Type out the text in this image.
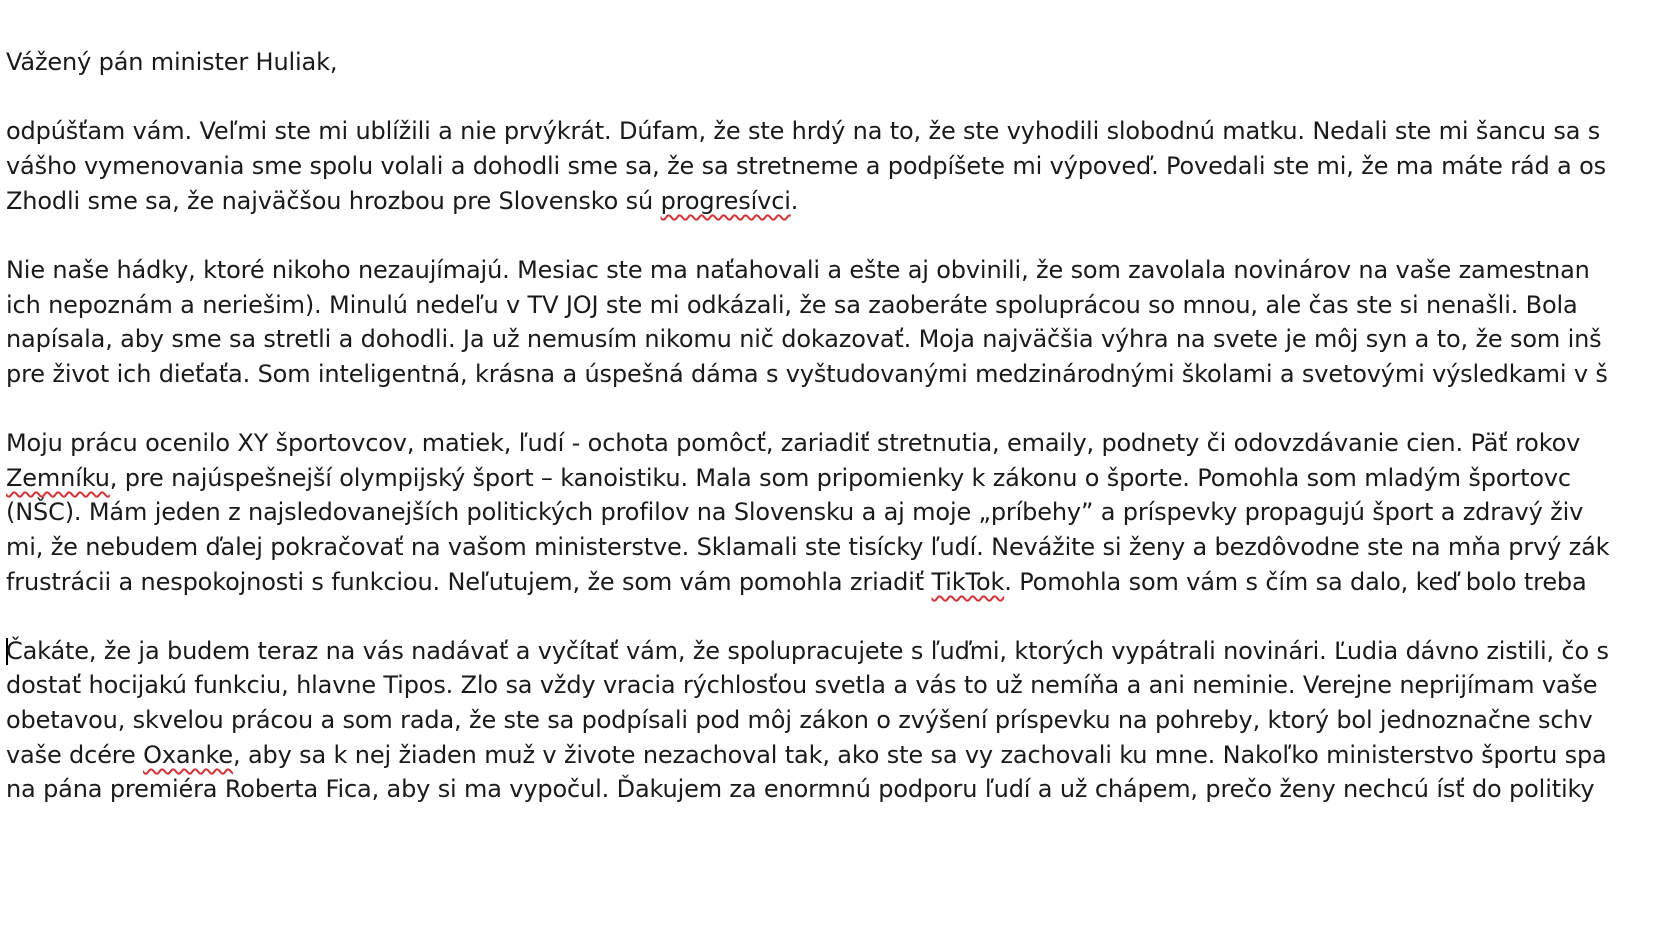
Vážený pán minister Huliak,
odpúšťam vám. Veľmi ste mi ublížili a nie prvýkrát. Dúfam, že ste hrdý na to, že ste vyhodili slobodnú matku. Nedali ste mi šancu sa s
vášho vymenovania sme spolu volali a dohodli sme sa, že sa stretneme a podpíšete mi výpoveď. Povedali ste mi, že ma máte rád a os
Zhodli sme sa, že najväčšou hrozbou pre Slovensko sú progresívci.
Nie naše hádky, ktoré nikoho nezaujímajú. Mesiac ste ma naťahovali a ešte aj obvinili, že som zavolala novinárov na vaše zamestnan
ich nepoznám a neriešim). Minulú nedeľu v TV JOJ ste mi odkázali, že sa zaoberáte spoluprácou so mnou, ale čas ste si nenašli. Bola
napísala, aby sme sa stretli a dohodli. Ja už nemusím nikomu nič dokazovať. Moja najväčšia výhra na svete je môj syn a to, že som inš
pre život ich dieťaťa. Som inteligentná, krásna a úspešná dáma s vyštudovanými medzinárodnými školami a svetovými výsledkami v š
Moju prácu ocenilo XY športovcov, matiek, ľudí - ochota pomôcť, zariadiť stretnutia, emaily, podnety či odovzdávanie cien. Päť rokov
Zemníku, pre najúspešnejší olympijský šport – kanoistiku. Mala som pripomienky k zákonu o športe. Pomohla som mladým športovc
(NŠC). Mám jeden z najsledovanejších politických profilov na Slovensku a aj moje „príbehy” a príspevky propagujú šport a zdravý živ
mi, že nebudem ďalej pokračovať na vašom ministerstve. Sklamali ste tisícky ľudí. Nevážite si ženy a bezdôvodne ste na mňa prvý zák
frustrácii a nespokojnosti s funkciou. Neľutujem, že som vám pomohla zriadiť TikTok. Pomohla som vám s čím sa dalo, keď bolo treba
Čakáte, že ja budem teraz na vás nadávať a vyčítať vám, že spolupracujete s ľuďmi, ktorých vypátrali novinári. Ľudia dávno zistili, čo s
dostať hocijakú funkciu, hlavne Tipos. Zlo sa vždy vracia rýchlosťou svetla a vás to už nemíňa a ani neminie. Verejne neprijímam vaše
obetavou, skvelou prácou a som rada, že ste sa podpísali pod môj zákon o zvýšení príspevku na pohreby, ktorý bol jednoznačne schv
vaše dcére Oxanke, aby sa k nej žiaden muž v živote nezachoval tak, ako ste sa vy zachovali ku mne. Nakoľko ministerstvo športu spa
na pána premiéra Roberta Fica, aby si ma vypočul. Ďakujem za enormnú podporu ľudí a už chápem, prečo ženy nechcú ísť do politiky
